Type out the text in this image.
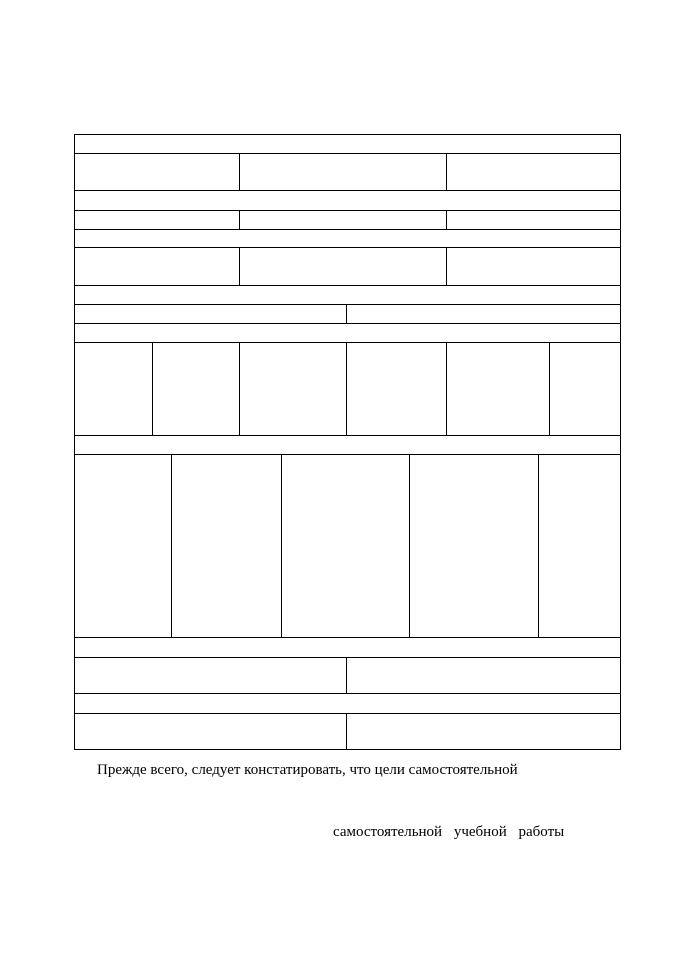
Прежде всего, следует констатировать, что цели самостоятельной
самостоятельной учебной работы
